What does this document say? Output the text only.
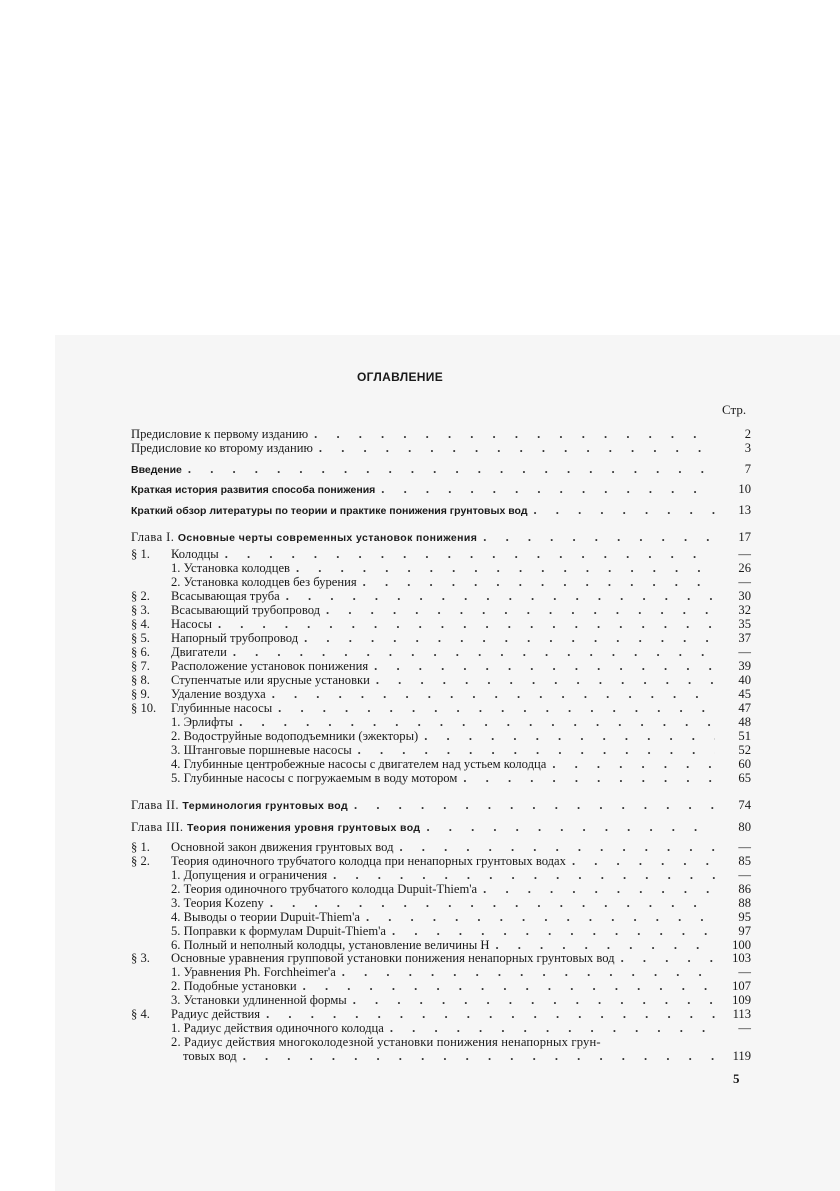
ОГЛАВЛЕНИЕ
Стр.
Предисловие к первому изданию . . .	2
Предисловие ко второму изданию . . .	3
Введение . . .	7
Краткая история развития способа понижения . . .	10
Краткий обзор литературы по теории и практике понижения грунтовых вод . . .	13
Глава I. Основные черты современных установок понижения . . .	17
§ 1. Колодцы . . .	—
1. Установка колодцев . . .	26
2. Установка колодцев без бурения . . .	—
§ 2. Всасывающая труба . . .	30
§ 3. Всасывающий трубопровод . . .	32
§ 4. Насосы . . .	35
§ 5. Напорный трубопровод . . .	37
§ 6. Двигатели . . .	—
§ 7. Расположение установок понижения . . .	39
§ 8. Ступенчатые или ярусные установки . . .	40
§ 9. Удаление воздуха . . .	45
§ 10. Глубинные насосы . . .	47
1. Эрлифты . . .	48
2. Водоструйные водоподъемники (эжекторы) . . .	51
3. Штанговые поршневые насосы . . .	52
4. Глубинные центробежные насосы с двигателем над устьем колодца . . .	60
5. Глубинные насосы с погружаемым в воду мотором . . .	65
Глава II. Терминология грунтовых вод . . .	74
Глава III. Теория понижения уровня грунтовых вод . . .	80
§ 1. Основной закон движения грунтовых вод . . .	—
§ 2. Теория одиночного трубчатого колодца при ненапорных грунтовых водах . . .	85
1. Допущения и ограничения . . .	—
2. Теория одиночного трубчатого колодца Dupuit-Thiem'a . . .	86
3. Теория Kozeny . . .	88
4. Выводы о теории Dupuit-Thiem'a . . .	95
5. Поправки к формулам Dupuit-Thiem'a . . .	97
6. Полный и неполный колодцы, установление величины H . . .	100
§ 3. Основные уравнения групповой установки понижения ненапорных грунтовых вод . . .	103
1. Уравнения Ph. Forchheimer'a . . .	—
2. Подобные установки . . .	107
3. Установки удлиненной формы . . .	109
§ 4. Радиус действия . . .	113
1. Радиус действия одиночного колодца . . .	—
2. Радиус действия многоколодезной установки понижения ненапорных грун-
товых вод . . .	119
5
